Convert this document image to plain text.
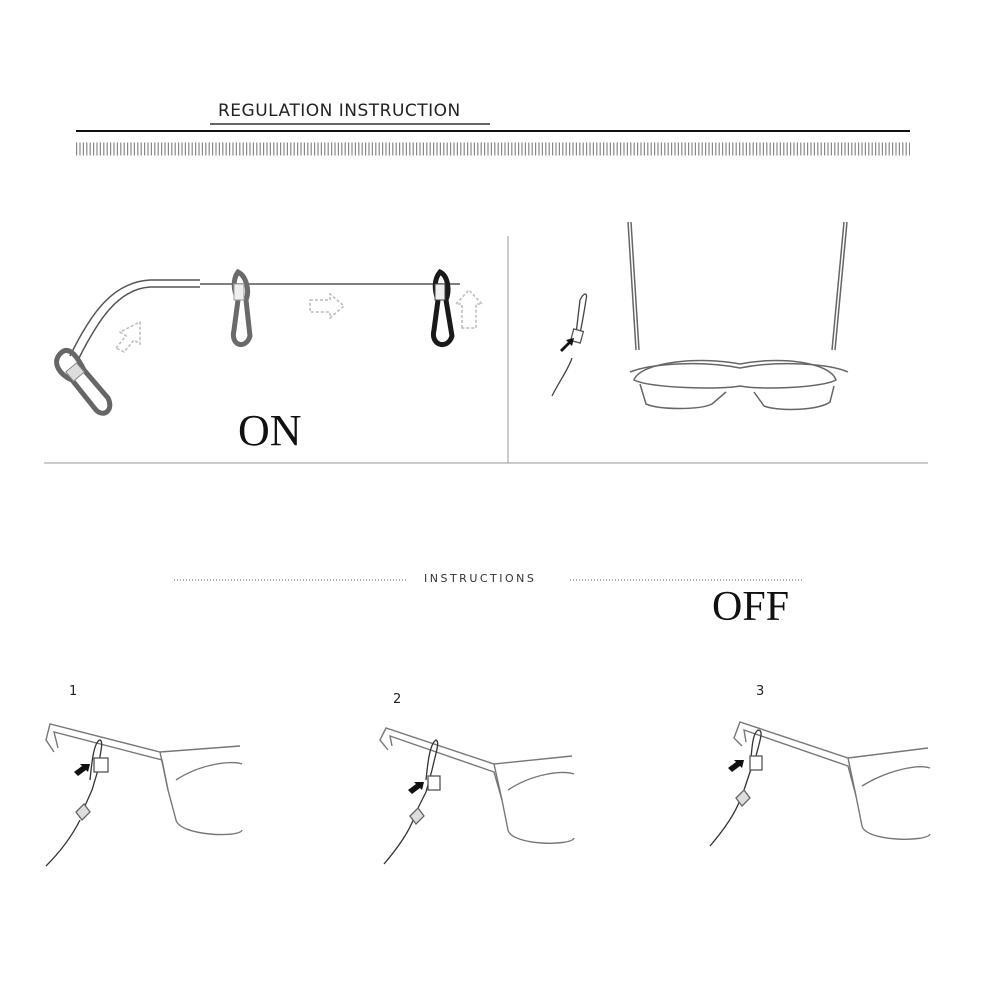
REGULATION INSTRUCTION
ON
INSTRUCTIONS
OFF
1
2
3
